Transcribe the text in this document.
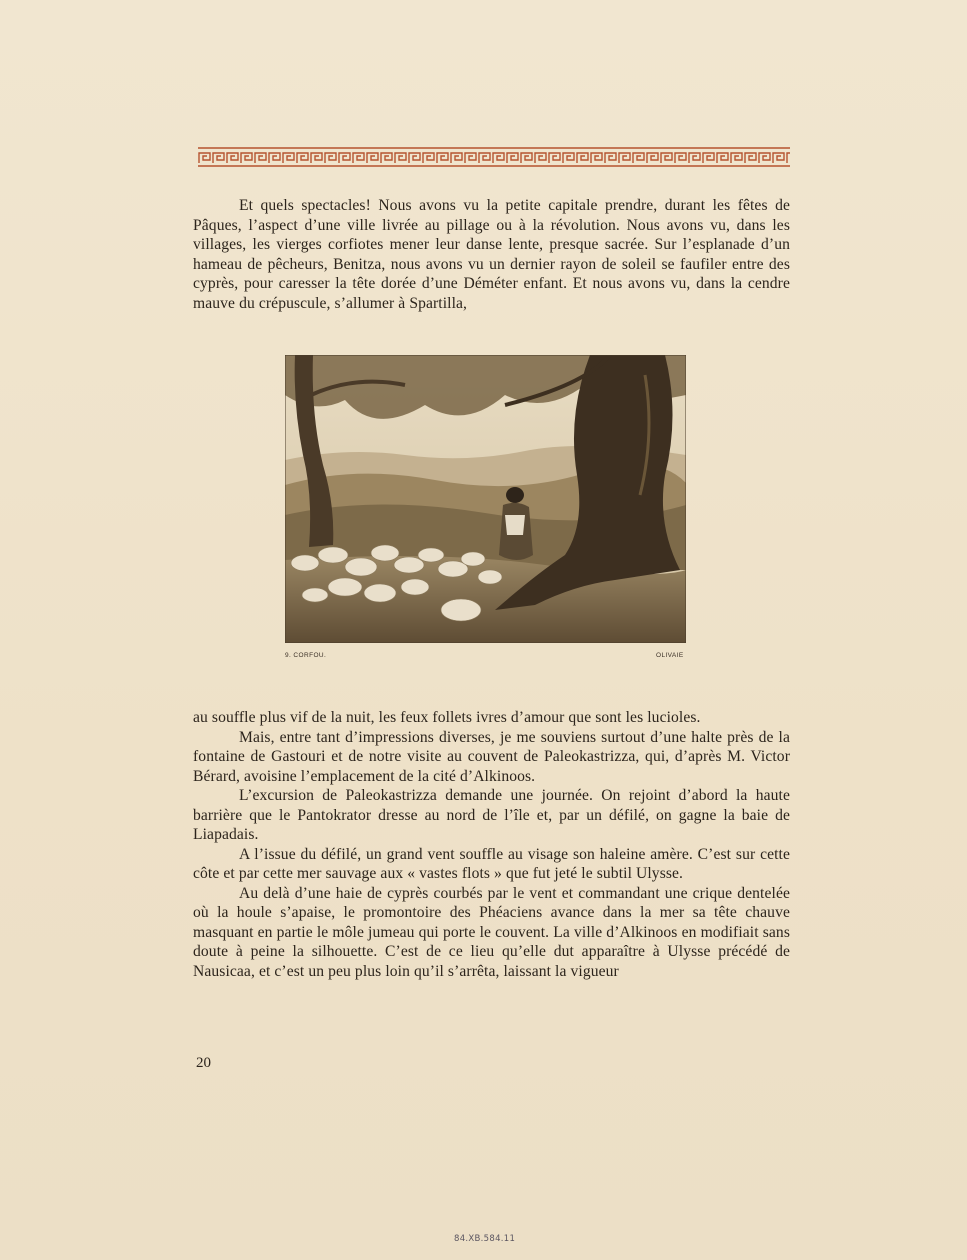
Et quels spectacles! Nous avons vu la petite capitale prendre, durant les fêtes de Pâques, l’aspect d’une ville livrée au pillage ou à la révolution. Nous avons vu, dans les villages, les vierges corfiotes mener leur danse lente, presque sacrée. Sur l’esplanade d’un hameau de pêcheurs, Benitza, nous avons vu un dernier rayon de soleil se faufiler entre des cyprès, pour caresser la tête dorée d’une Déméter enfant. Et nous avons vu, dans la cendre mauve du crépuscule, s’allumer à Spartilla,

9. CORFOU.	OLIVAIE

au souffle plus vif de la nuit, les feux follets ivres d’amour que sont les lucioles.

Mais, entre tant d’impressions diverses, je me souviens surtout d’une halte près de la fontaine de Gastouri et de notre visite au couvent de Paleokastrizza, qui, d’après M. Victor Bérard, avoisine l’emplacement de la cité d’Alkinoos.

L’excursion de Paleokastrizza demande une journée. On rejoint d’abord la haute barrière que le Pantokrator dresse au nord de l’île et, par un défilé, on gagne la baie de Liapadais.

A l’issue du défilé, un grand vent souffle au visage son haleine amère. C’est sur cette côte et par cette mer sauvage aux « vastes flots » que fut jeté le subtil Ulysse.

Au delà d’une haie de cyprès courbés par le vent et commandant une crique dentelée où la houle s’apaise, le promontoire des Phéaciens avance dans la mer sa tête chauve masquant en partie le môle jumeau qui porte le couvent. La ville d’Alkinoos en modifiait sans doute à peine la silhouette. C’est de ce lieu qu’elle dut apparaître à Ulysse précédé de Nausicaa, et c’est un peu plus loin qu’il s’arrêta, laissant la vigueur

20
84.XB.584.11
